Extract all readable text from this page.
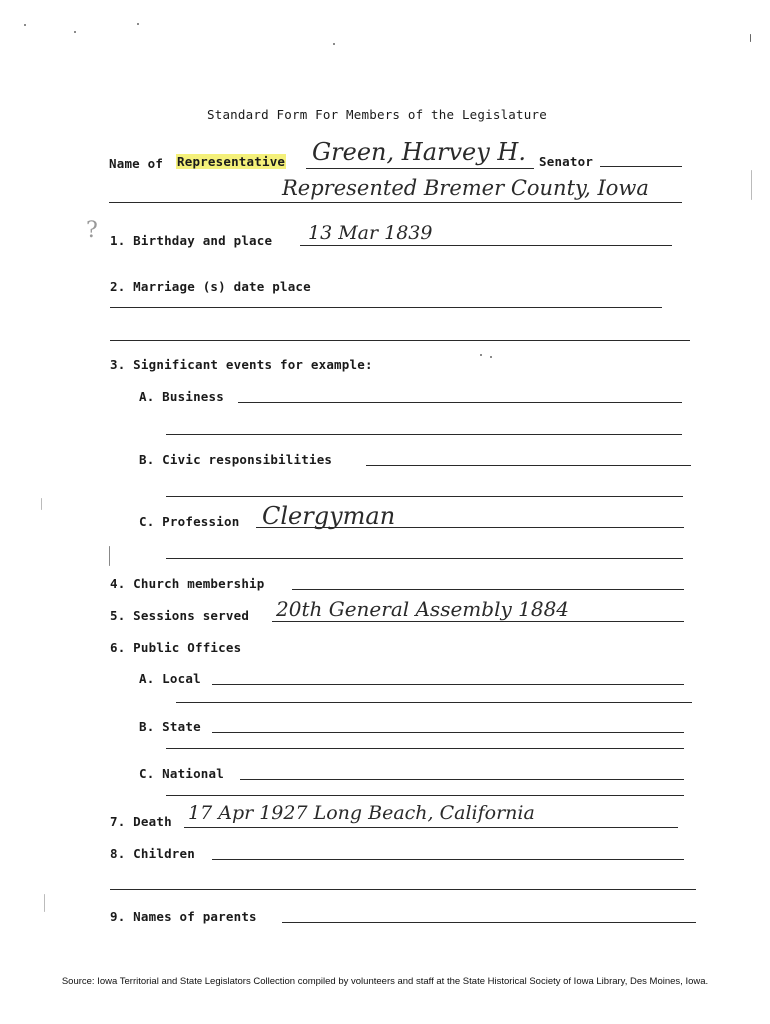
Standard Form For Members of the Legislature
Name of Representative Green, Harvey H. Senator
Represented Bremer County, Iowa
? 1. Birthday and place 13 Mar 1839
2. Marriage (s) date place
3. Significant events for example:
A. Business
B. Civic responsibilities
C. Profession Clergyman
4. Church membership
5. Sessions served 20th General Assembly 1884
6. Public Offices
A. Local
B. State
C. National
7. Death 17 Apr 1927 Long Beach, California
8. Children
9. Names of parents
Source: Iowa Territorial and State Legislators Collection compiled by volunteers and staff at the State Historical Society of Iowa Library, Des Moines, Iowa.
